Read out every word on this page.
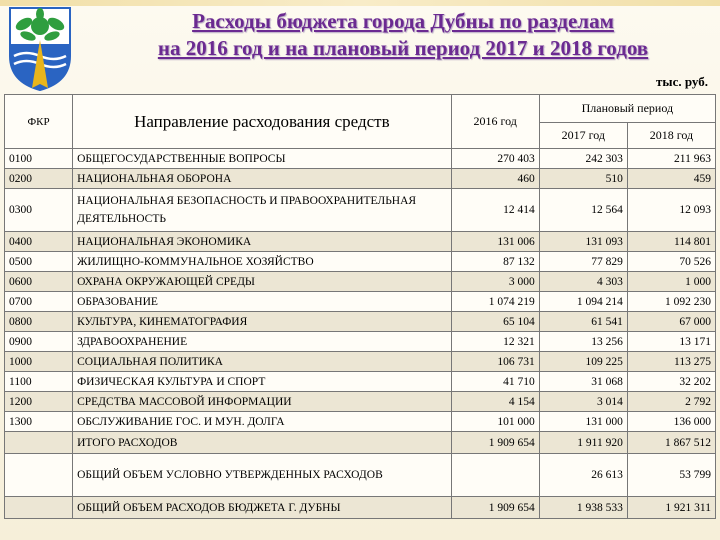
Расходы бюджета города Дубны по разделам
на 2016 год и на плановый период 2017 и 2018 годов
тыс. руб.
ФКР	Направление расходования средств	2016 год	Плановый период	
			2017 год	2018 год
0100	ОБЩЕГОСУДАРСТВЕННЫЕ ВОПРОСЫ	270 403	242 303	211 963
0200	НАЦИОНАЛЬНАЯ ОБОРОНА	460	510	459
0300	НАЦИОНАЛЬНАЯ БЕЗОПАСНОСТЬ И ПРАВООХРАНИТЕЛЬНАЯ ДЕЯТЕЛЬНОСТЬ	12 414	12 564	12 093
0400	НАЦИОНАЛЬНАЯ ЭКОНОМИКА	131 006	131 093	114 801
0500	ЖИЛИЩНО-КОММУНАЛЬНОЕ ХОЗЯЙСТВО	87 132	77 829	70 526
0600	ОХРАНА ОКРУЖАЮЩЕЙ СРЕДЫ	3 000	4 303	1 000
0700	ОБРАЗОВАНИЕ	1 074 219	1 094 214	1 092 230
0800	КУЛЬТУРА, КИНЕМАТОГРАФИЯ	65 104	61 541	67 000
0900	ЗДРАВООХРАНЕНИЕ	12 321	13 256	13 171
1000	СОЦИАЛЬНАЯ ПОЛИТИКА	106 731	109 225	113 275
1100	ФИЗИЧЕСКАЯ КУЛЬТУРА И СПОРТ	41 710	31 068	32 202
1200	СРЕДСТВА МАССОВОЙ ИНФОРМАЦИИ	4 154	3 014	2 792
1300	ОБСЛУЖИВАНИЕ ГОС. И МУН. ДОЛГА	101 000	131 000	136 000
	ИТОГО РАСХОДОВ	1 909 654	1 911 920	1 867 512
	ОБЩИЙ ОБЪЕМ УСЛОВНО УТВЕРЖДЕННЫХ РАСХОДОВ		26 613	53 799
	ОБЩИЙ ОБЪЕМ РАСХОДОВ БЮДЖЕТА Г. ДУБНЫ	1 909 654	1 938 533	1 921 311
